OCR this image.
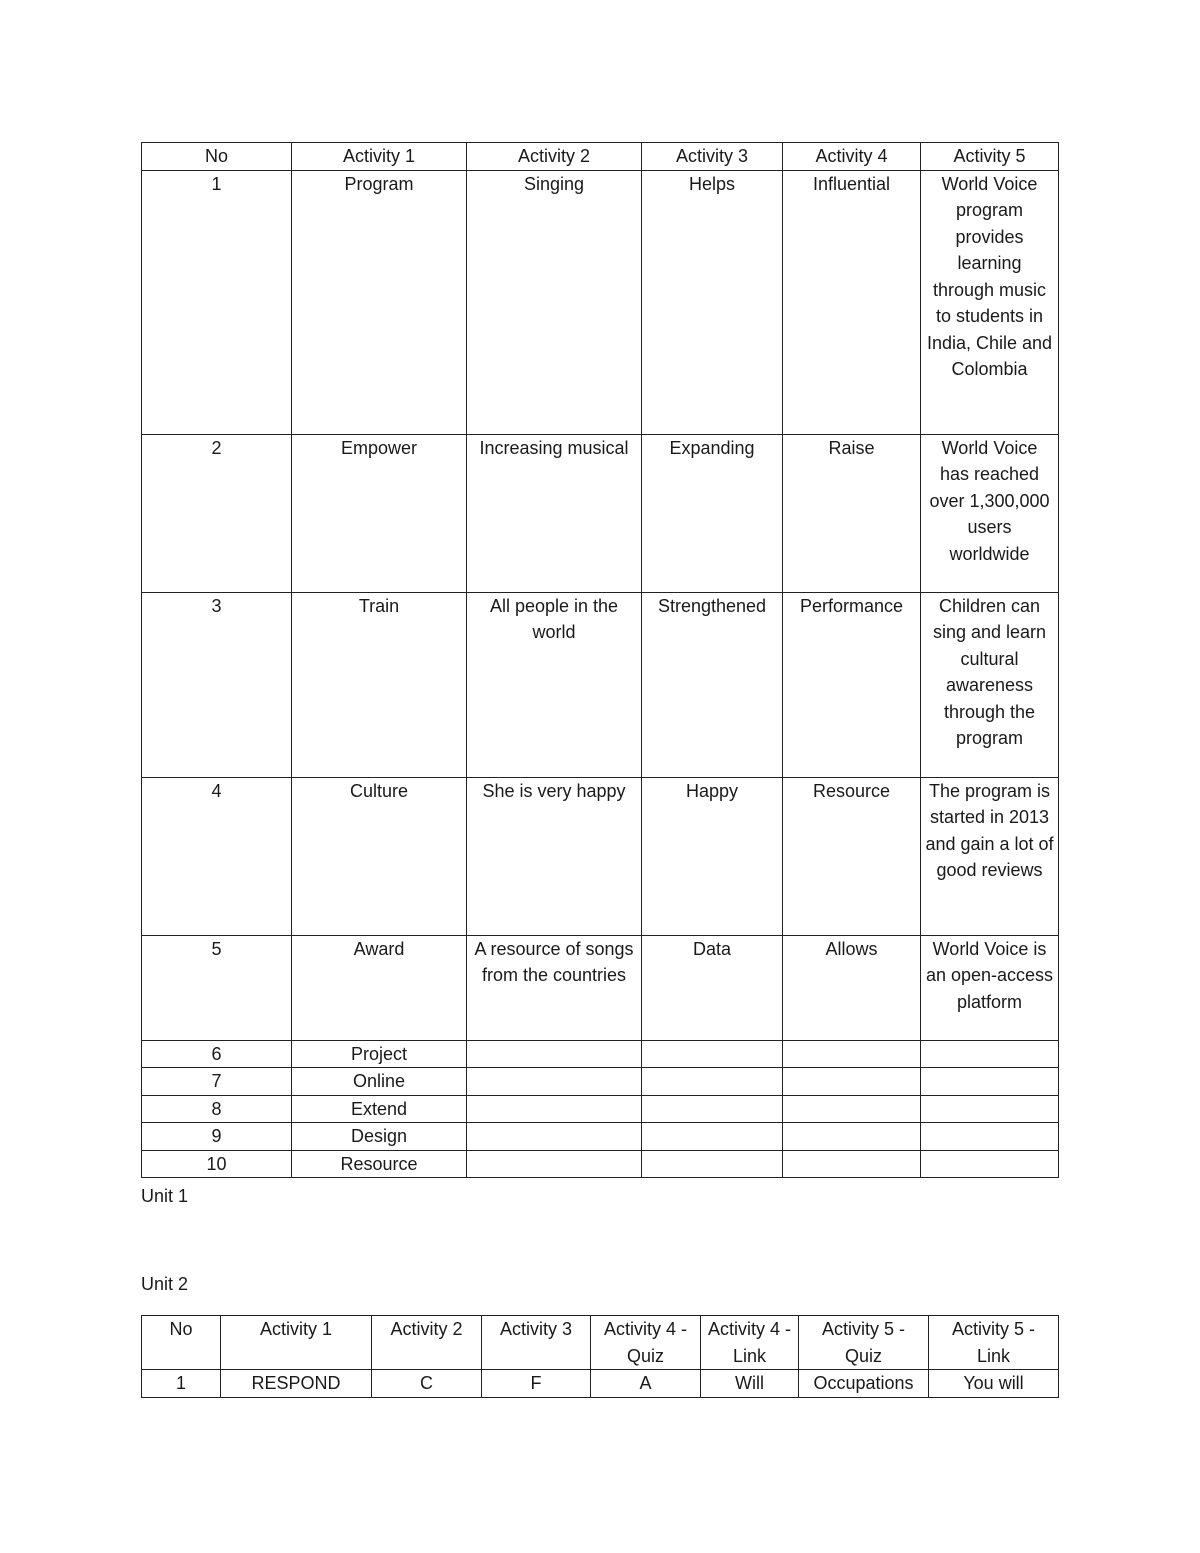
No	Activity 1	Activity 2	Activity 3	Activity 4	Activity 5
1	Program	Singing	Helps	Influential	World Voice program provides learning through music to students in India, Chile and Colombia
2	Empower	Increasing musical	Expanding	Raise	World Voice has reached over 1,300,000 users worldwide
3	Train	All people in the world	Strengthened	Performance	Children can sing and learn cultural awareness through the program
4	Culture	She is very happy	Happy	Resource	The program is started in 2013 and gain a lot of good reviews
5	Award	A resource of songs from the countries	Data	Allows	World Voice is an open-access platform
6	Project				
7	Online				
8	Extend				
9	Design				
10	Resource				
Unit 1
Unit 2
No	Activity 1	Activity 2	Activity 3	Activity 4 - Quiz	Activity 4 - Link	Activity 5 - Quiz	Activity 5 - Link
1	RESPOND	C	F	A	Will	Occupations	You will
